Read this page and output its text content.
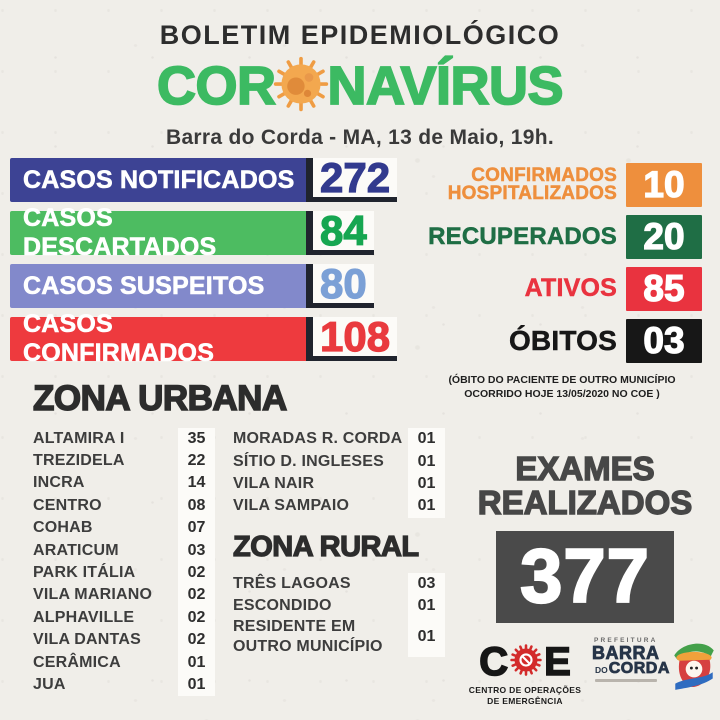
BOLETIM EPIDEMIOLÓGICO
COR NAVÍRUS
Barra do Corda - MA, 13 de Maio, 19h.
CASOS NOTIFICADOS 272
CASOS DESCARTADOS	84
CASOS SUSPEITOS	80
CASOS CONFIRMADOS	108
CONFIRMADOS HOSPITALIZADOS 10
RECUPERADOS 20
ATIVOS 85
ÓBITOS 03
(ÓBITO DO PACIENTE DE OUTRO MUNICÍPIO
OCORRIDO HOJE 13/05/2020 NO COE )
ZONA URBANA
ALTAMIRA I	35
TREZIDELA	22
INCRA	14
CENTRO	08
COHAB	07
ARATICUM	03
PARK ITÁLIA	02
VILA MARIANO	02
ALPHAVILLE	02
VILA DANTAS	02
CERÂMICA	01
JUA	01
MORADAS R. CORDA 01
SÍTIO D. INGLESES	01
VILA NAIR	01
VILA SAMPAIO	01
ZONA RURAL
TRÊS LAGOAS	03
ESCONDIDO	01
RESIDENTE EM OUTRO MUNICÍPIO
01
EXAMES
REALIZADOS
377
C E
CENTRO DE OPERAÇÕES
DE EMERGÊNCIA
PREFEITURA
BARRA
DO CORDA
